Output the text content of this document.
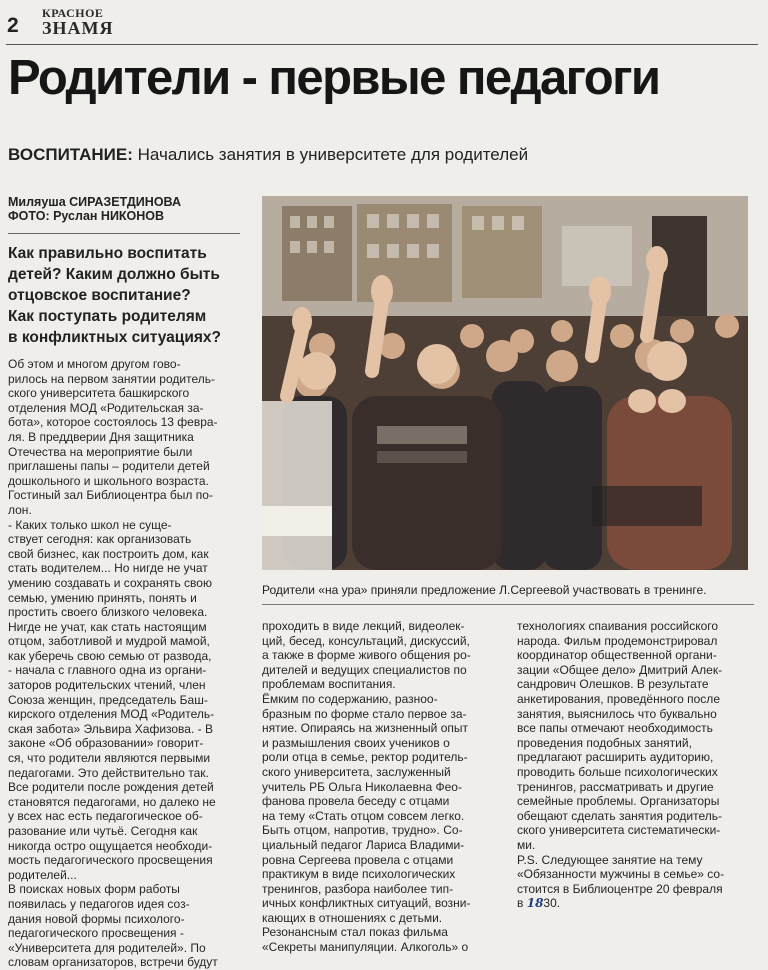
2
КРАСНОЕ
ЗНАМЯ
Родители - первые педагоги
ВОСПИТАНИЕ: Начались занятия в университете для родителей
Миляуша СИРАЗЕТДИНОВА
ФОТО: Руслан НИКОНОВ
Как правильно воспитать
детей? Каким должно быть
отцовское воспитание?
Как поступать родителям
в конфликтных ситуациях?
Родители «на ура» приняли предложение Л.Сергеевой участвовать в тренинге.
Об этом и многом другом гово-
рилось на первом занятии родитель-
ского университета башкирского
отделения МОД «Родительская за-
бота», которое состоялось 13 февра-
ля. В преддверии Дня защитника
Отечества на мероприятие были
приглашены папы – родители детей
дошкольного и школьного возраста.
Гостиный зал Библиоцентра был по-
лон.
- Каких только школ не суще-
ствует сегодня: как организовать
свой бизнес, как построить дом, как
стать водителем... Но нигде не учат
умению создавать и сохранять свою
семью, умению принять, понять и
простить своего близкого человека.
Нигде не учат, как стать настоящим
отцом, заботливой и мудрой мамой,
как уберечь свою семью от развода,
- начала с главного одна из органи-
заторов родительских чтений, член
Союза женщин, председатель Баш-
кирского отделения МОД «Родитель-
ская забота» Эльвира Хафизова. - В
законе «Об образовании» говорит-
ся, что родители являются первыми
педагогами. Это действительно так.
Все родители после рождения детей
становятся педагогами, но далеко не
у всех нас есть педагогическое об-
разование или чутьё. Сегодня как
никогда остро ощущается необходи-
мость педагогического просвещения
родителей...
В поисках новых форм работы
появилась у педагогов идея соз-
дания новой формы психолого-
педагогического просвещения -
«Университета для родителей». По
словам организаторов, встречи будут
проходить в виде лекций, видеолек-
ций, бесед, консультаций, дискуссий,
а также в форме живого общения ро-
дителей и ведущих специалистов по
проблемам воспитания.
Ёмким по содержанию, разноо-
бразным по форме стало первое за-
нятие. Опираясь на жизненный опыт
и размышления своих учеников о
роли отца в семье, ректор родитель-
ского университета, заслуженный
учитель РБ Ольга Николаевна Фео-
фанова провела беседу с отцами
на тему «Стать отцом совсем легко.
Быть отцом, напротив, трудно». Со-
циальный педагог Лариса Владими-
ровна Сергеева провела с отцами
практикум в виде психологических
тренингов, разбора наиболее тип-
ичных конфликтных ситуаций, возни-
кающих в отношениях с детьми.
Резонансным стал показ фильма
«Секреты манипуляции. Алкоголь» о
технологиях спаивания российского
народа. Фильм продемонстрировал
координатор общественной органи-
зации «Общее дело» Дмитрий Алек-
сандрович Олешков. В результате
анкетирования, проведённого после
занятия, выяснилось что буквально
все папы отмечают необходимость
проведения подобных занятий,
предлагают расширить аудиторию,
проводить больше психологических
тренингов, рассматривать и другие
семейные проблемы. Организаторы
обещают сделать занятия родитель-
ского университета систематически-
ми.
P.S. Следующее занятие на тему
«Обязанности мужчины в семье» со-
стоится в Библиоцентре 20 февраля
в 1830.
